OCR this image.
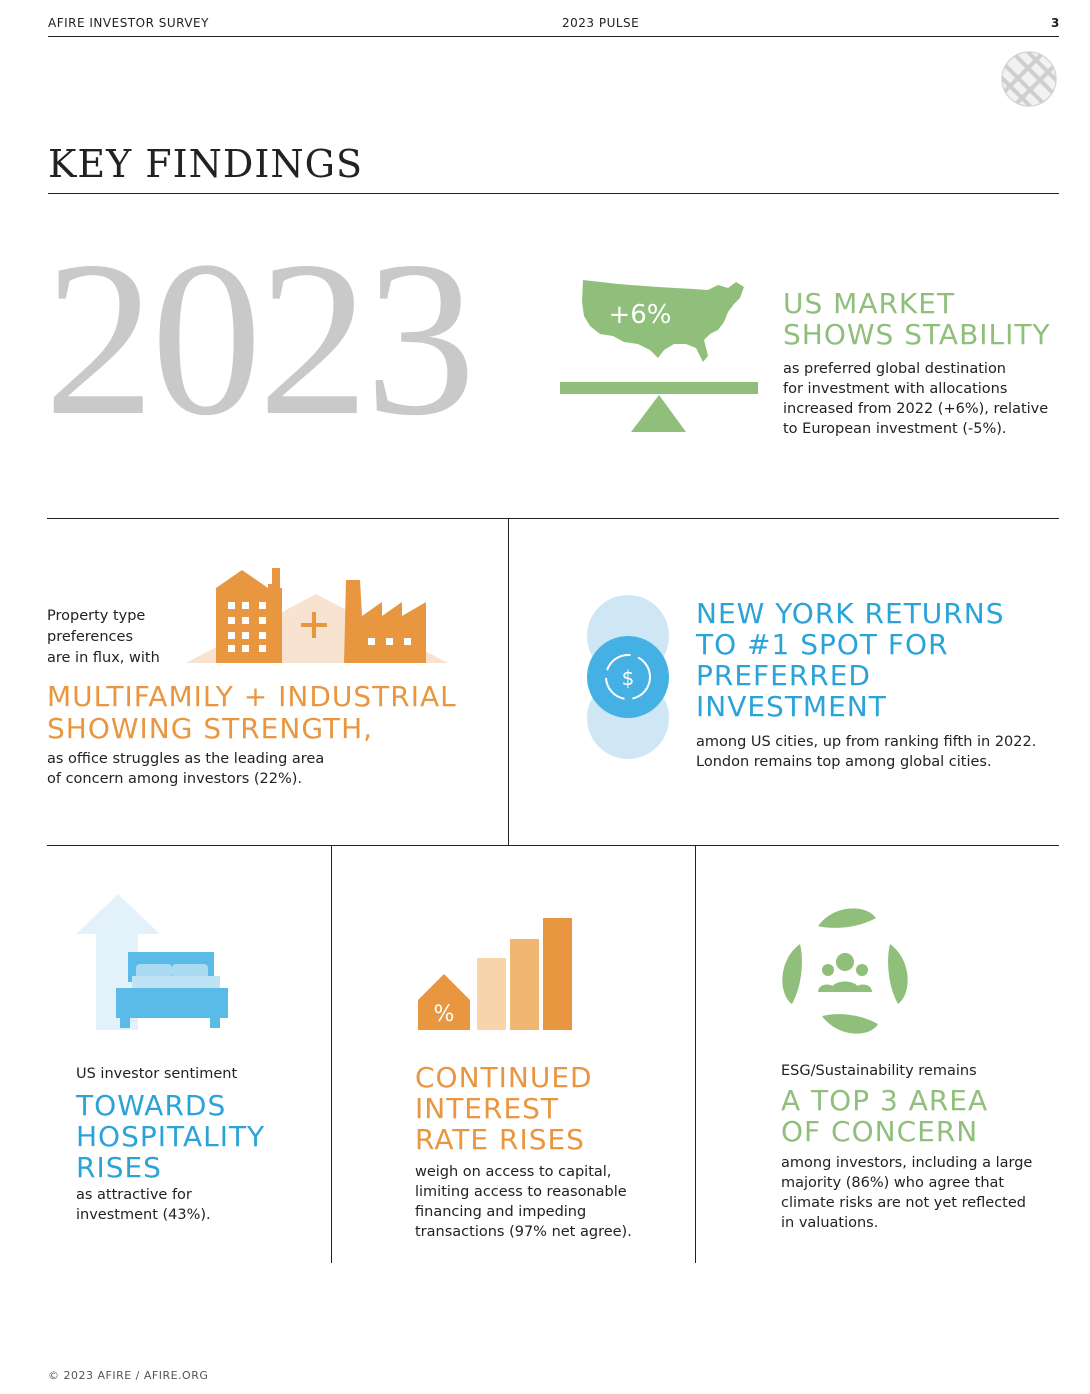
AFIRE INVESTOR SURVEY	2023 PULSE	3
KEY FINDINGS
2023	+6%	US MARKET
SHOWS STABILITY
as preferred global destination
for investment with allocations
increased from 2022 (+6%), relative
to European investment (-5%).
Property type
preferences
are in flux, with
MULTIFAMILY + INDUSTRIAL
SHOWING STRENGTH,
as office struggles as the leading area
of concern among investors (22%).
$
NEW YORK RETURNS
TO #1 SPOT FOR
PREFERRED
INVESTMENT
among US cities, up from ranking fifth in 2022.
London remains top among global cities.
US investor sentiment
TOWARDS
HOSPITALITY
RISES
as attractive for
investment (43%).
%
CONTINUED
INTEREST
RATE RISES
weigh on access to capital,
limiting access to reasonable
financing and impeding
transactions (97% net agree).
ESG/Sustainability remains
A TOP 3 AREA
OF CONCERN
among investors, including a large
majority (86%) who agree that
climate risks are not yet reflected
in valuations.
© 2023 AFIRE / AFIRE.ORG
